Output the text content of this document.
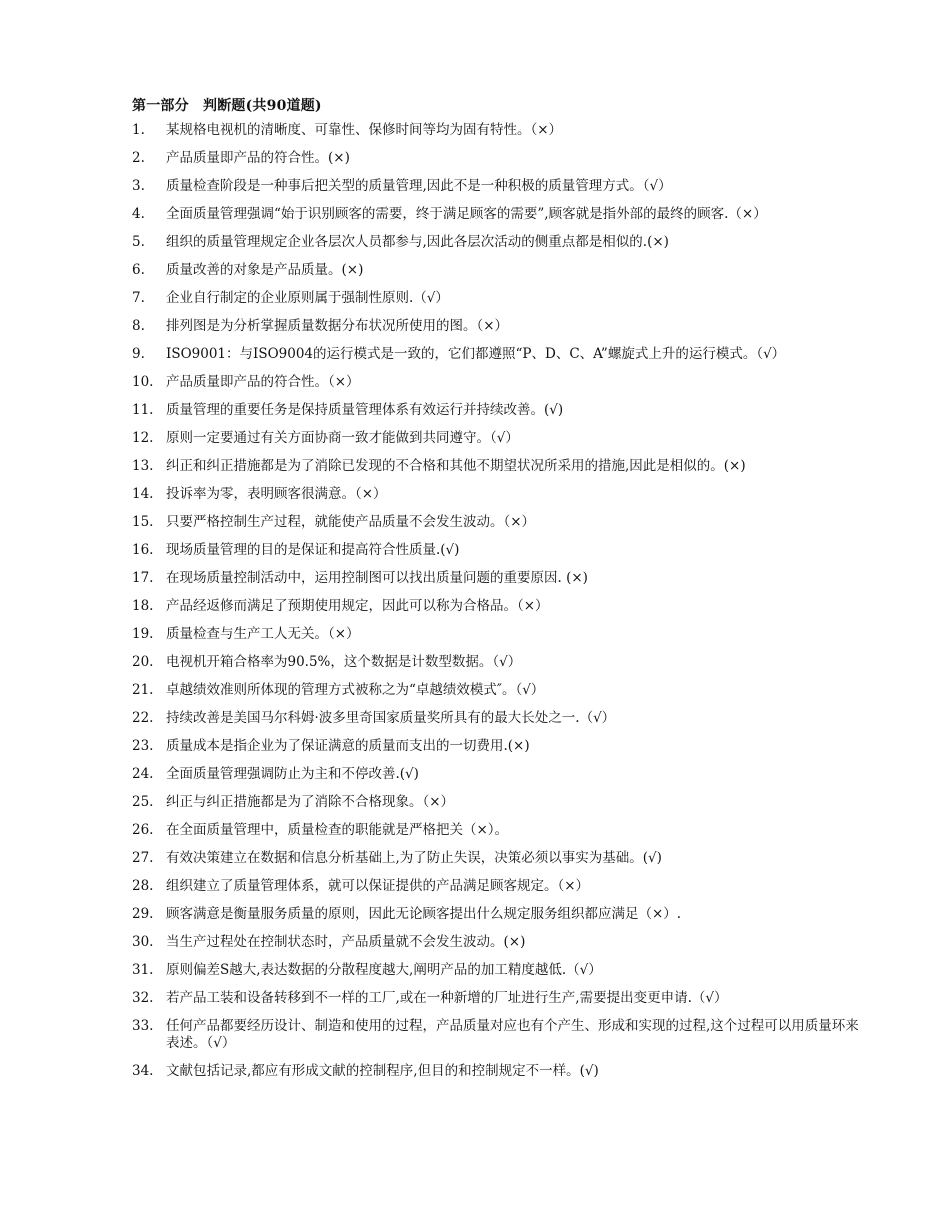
第一部分　判断题(共90道题)
1.	某规格电视机的清晰度、可靠性、保修时间等均为固有特性。（×）
2.	产品质量即产品的符合性。(×)
3.	质量检查阶段是一种事后把关型的质量管理,因此不是一种积极的质量管理方式。（√）
4.	全面质量管理强调“始于识别顾客的需要，终于满足顾客的需要”,顾客就是指外部的最终的顾客.（×）
5.	组织的质量管理规定企业各层次人员都参与,因此各层次活动的侧重点都是相似的.(×)
6.	质量改善的对象是产品质量。(×)
7.	企业自行制定的企业原则属于强制性原则.（√）
8.	排列图是为分析掌握质量数据分布状况所使用的图。（×）
9.	ISO9001：与ISO9004的运行模式是一致的，它们都遵照“P、D、C、A”螺旋式上升的运行模式。（√）
10. 产品质量即产品的符合性。（×）
11. 质量管理的重要任务是保持质量管理体系有效运行并持续改善。(√)
12. 原则一定要通过有关方面协商一致才能做到共同遵守。（√）
13. 纠正和纠正措施都是为了消除已发现的不合格和其他不期望状况所采用的措施,因此是相似的。(×)
14. 投诉率为零，表明顾客很满意。（×）
15. 只要严格控制生产过程，就能使产品质量不会发生波动。（×）
16. 现场质量管理的目的是保证和提高符合性质量.(√)
17. 在现场质量控制活动中，运用控制图可以找出质量问题的重要原因. (×)
18. 产品经返修而满足了预期使用规定，因此可以称为合格品。（×）
19. 质量检查与生产工人无关。（×）
20. 电视机开箱合格率为90.5%，这个数据是计数型数据。（√）
21. 卓越绩效准则所体现的管理方式被称之为“卓越绩效模式″。（√）
22. 持续改善是美国马尔科姆·波多里奇国家质量奖所具有的最大长处之一.（√）
23. 质量成本是指企业为了保证满意的质量而支出的一切费用.(×)
24. 全面质量管理强调防止为主和不停改善.(√)
25. 纠正与纠正措施都是为了消除不合格现象。（×）
26. 在全面质量管理中，质量检查的职能就是严格把关（×）。
27. 有效决策建立在数据和信息分析基础上,为了防止失误，决策必须以事实为基础。(√)
28. 组织建立了质量管理体系，就可以保证提供的产品满足顾客规定。（×）
29. 顾客满意是衡量服务质量的原则，因此无论顾客提出什么规定服务组织都应满足（×）.
30. 当生产过程处在控制状态时，产品质量就不会发生波动。(×)
31. 原则偏差S越大,表达数据的分散程度越大,阐明产品的加工精度越低.（√）
32. 若产品工装和设备转移到不一样的工厂,或在一种新增的厂址进行生产,需要提出变更申请.（√）
33. 任何产品都要经历设计、制造和使用的过程，产品质量对应也有个产生、形成和实现的过程,这个过程可以用质量环来表述。（√）
34. 文献包括记录,都应有形成文献的控制程序,但目的和控制规定不一样。(√)
